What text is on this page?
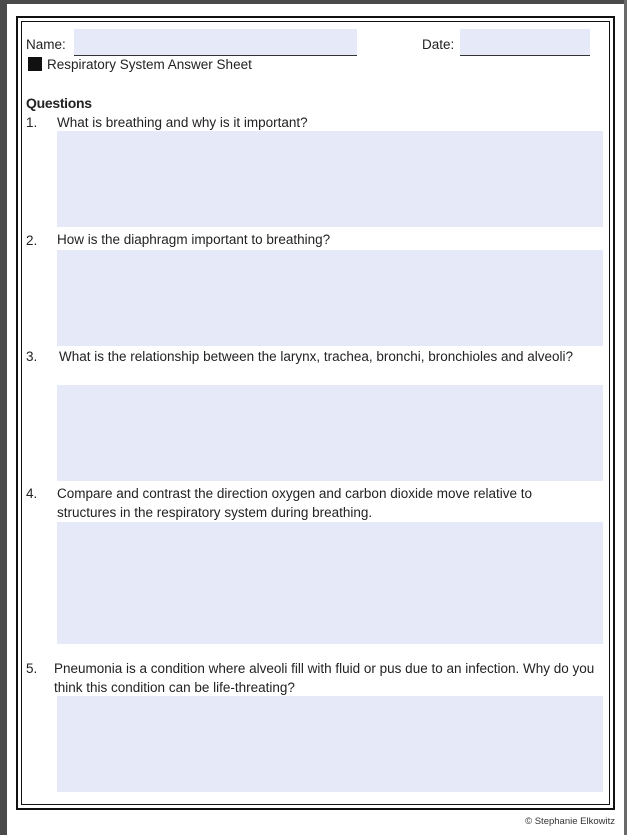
Name:	Date:
Respiratory System Answer Sheet
Questions
1. What is breathing and why is it important?
2. How is the diaphragm important to breathing?
3. What is the relationship between the larynx, trachea, bronchi, bronchioles and alveoli?
4. Compare and contrast the direction oxygen and carbon dioxide move relative to structures in the respiratory system during breathing.
5. Pneumonia is a condition where alveoli fill with fluid or pus due to an infection. Why do you think this condition can be life-threating?
© Stephanie Elkowitz
